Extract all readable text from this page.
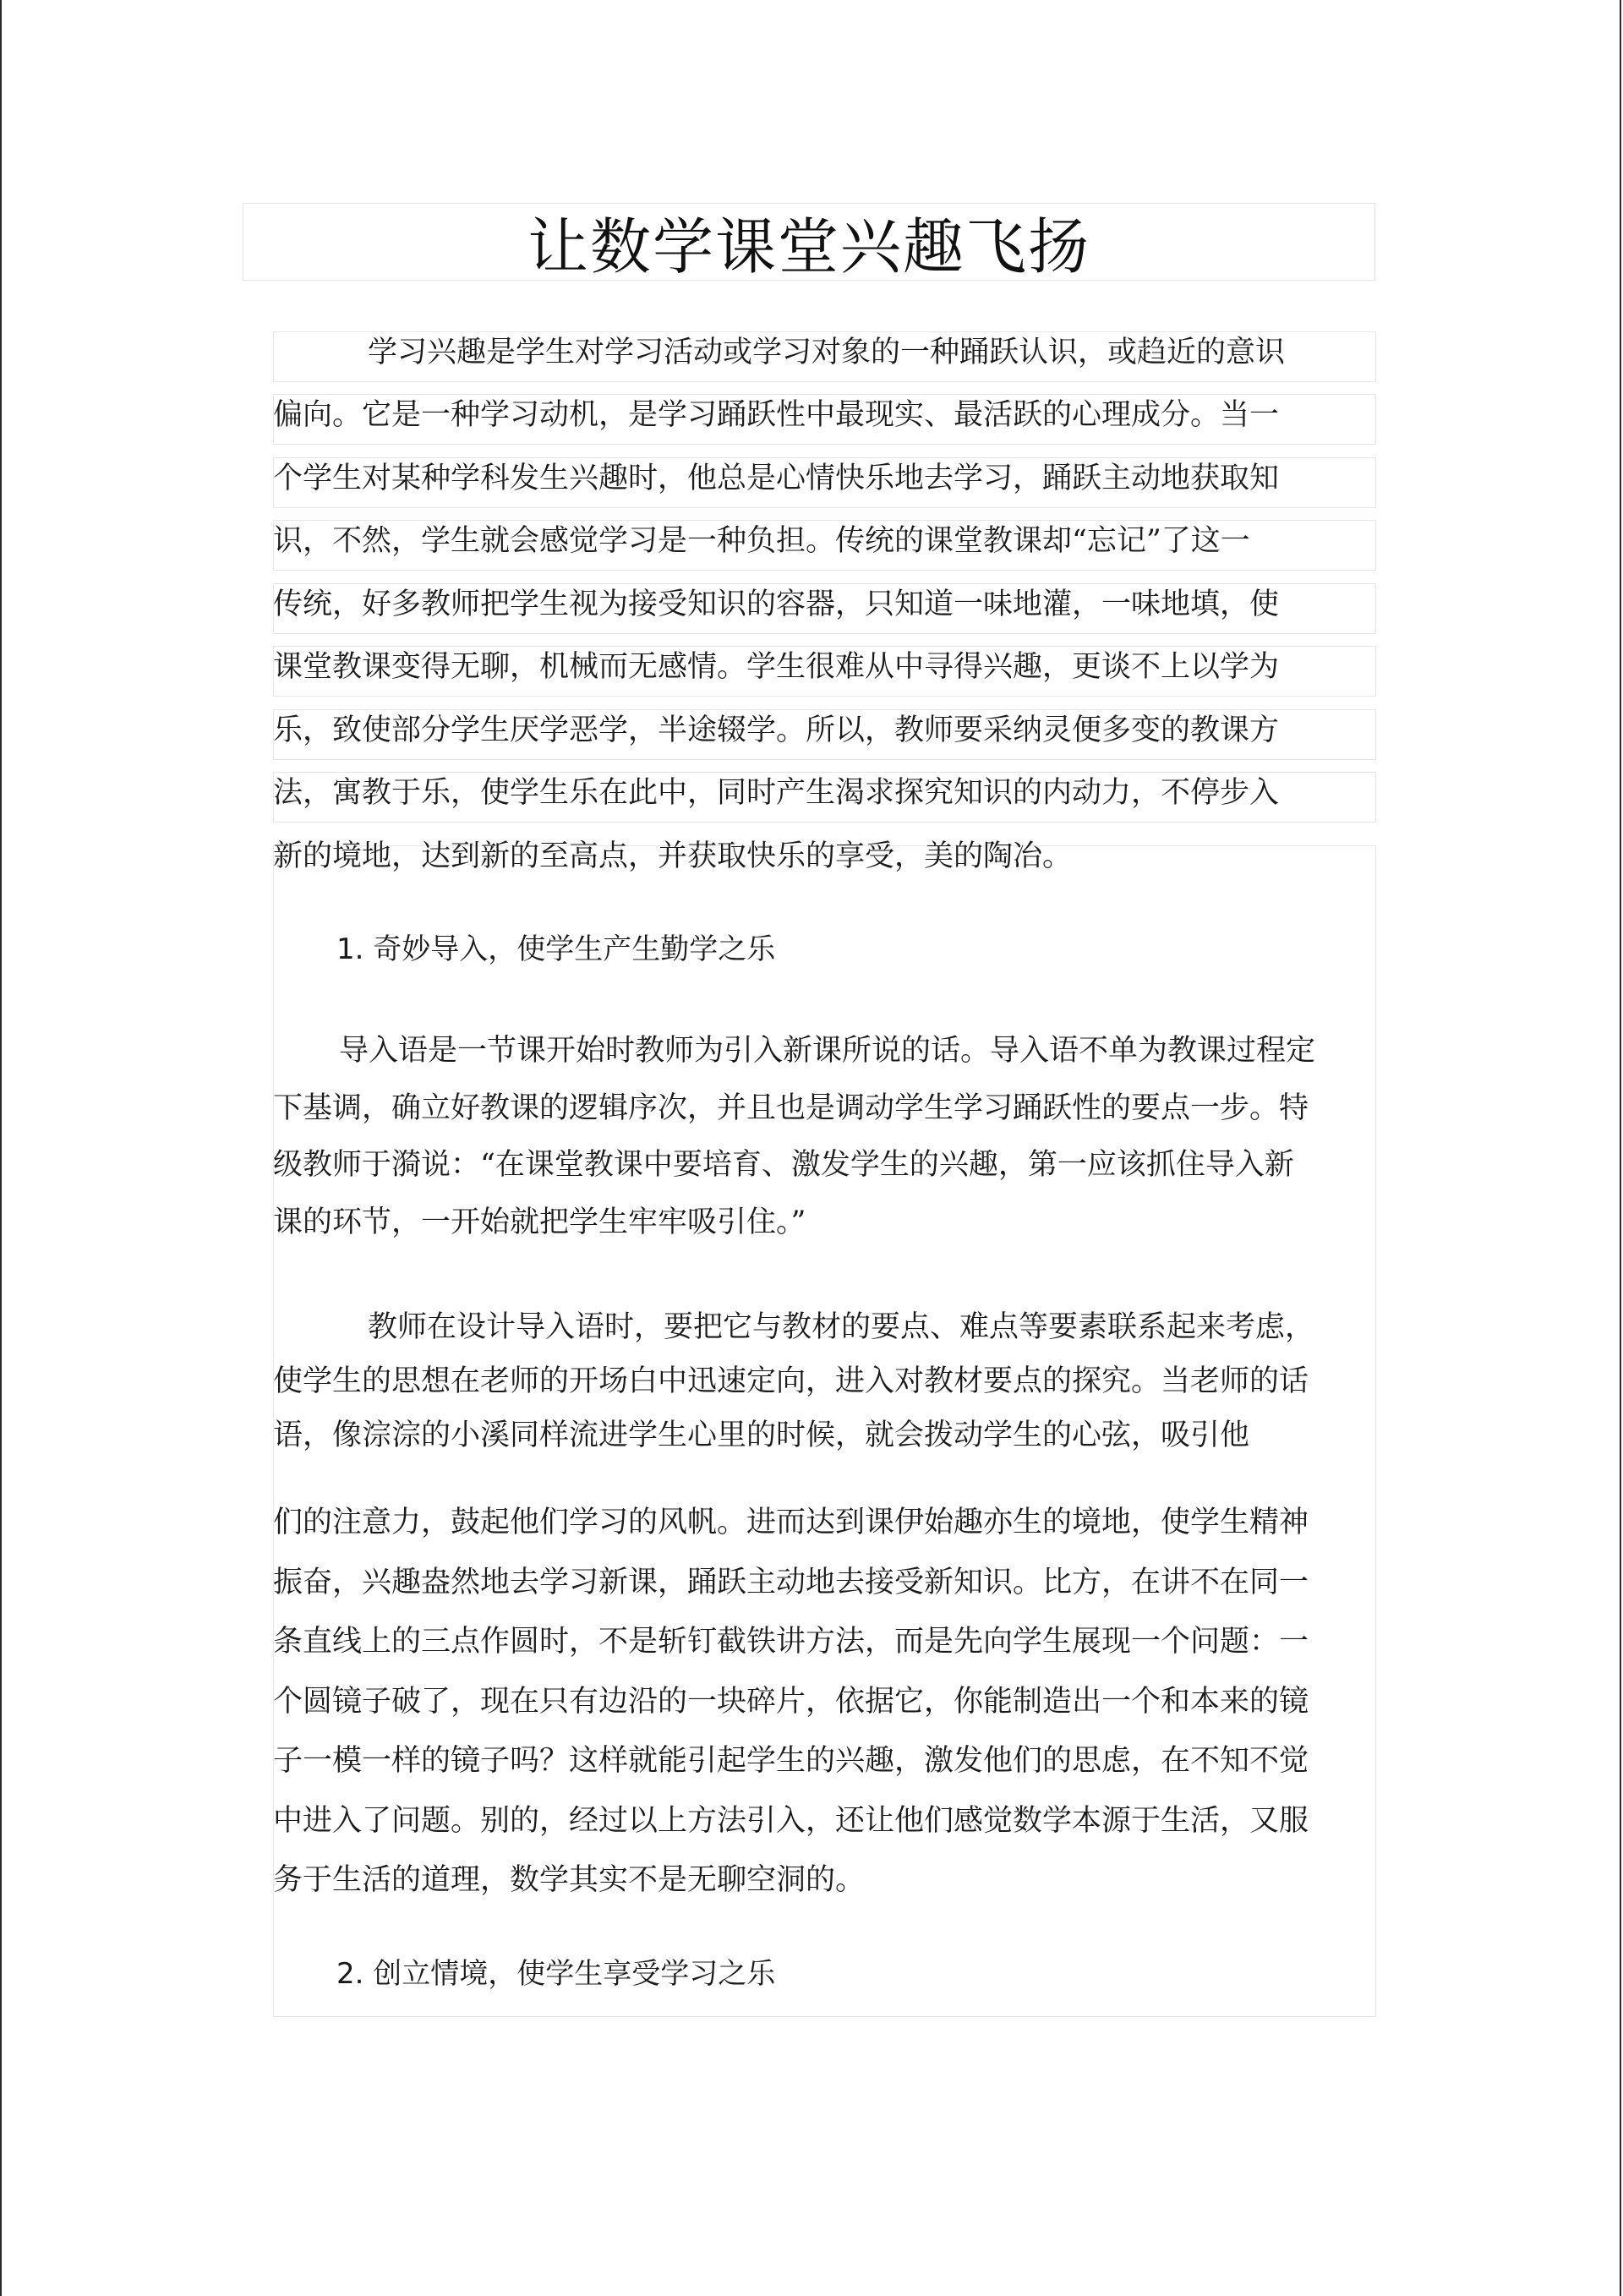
让数学课堂兴趣飞扬
学习兴趣是学生对学习活动或学习对象的一种踊跃认识，或趋近的意识
偏向。它是一种学习动机，是学习踊跃性中最现实、最活跃的心理成分。当一
个学生对某种学科发生兴趣时，他总是心情快乐地去学习，踊跃主动地获取知
识，不然，学生就会感觉学习是一种负担。传统的课堂教课却“忘记”了这一
传统，好多教师把学生视为接受知识的容器，只知道一味地灌，一味地填，使
课堂教课变得无聊，机械而无感情。学生很难从中寻得兴趣，更谈不上以学为
乐，致使部分学生厌学恶学，半途辍学。所以，教师要采纳灵便多变的教课方
法，寓教于乐，使学生乐在此中，同时产生渴求探究知识的内动力，不停步入
新的境地，达到新的至高点，并获取快乐的享受，美的陶冶。
1. 奇妙导入，使学生产生勤学之乐
导入语是一节课开始时教师为引入新课所说的话。导入语不单为教课过程定
下基调，确立好教课的逻辑序次，并且也是调动学生学习踊跃性的要点一步。特
级教师于漪说：“在课堂教课中要培育、激发学生的兴趣，第一应该抓住导入新
课的环节，一开始就把学生牢牢吸引住。”
教师在设计导入语时，要把它与教材的要点、难点等要素联系起来考虑，
使学生的思想在老师的开场白中迅速定向，进入对教材要点的探究。当老师的话
语，像淙淙的小溪同样流进学生心里的时候，就会拨动学生的心弦，吸引他
们的注意力，鼓起他们学习的风帆。进而达到课伊始趣亦生的境地，使学生精神
振奋，兴趣盎然地去学习新课，踊跃主动地去接受新知识。比方，在讲不在同一
条直线上的三点作圆时，不是斩钉截铁讲方法，而是先向学生展现一个问题：一
个圆镜子破了，现在只有边沿的一块碎片，依据它，你能制造出一个和本来的镜
子一模一样的镜子吗？这样就能引起学生的兴趣，激发他们的思虑，在不知不觉
中进入了问题。别的，经过以上方法引入，还让他们感觉数学本源于生活，又服
务于生活的道理，数学其实不是无聊空洞的。
2. 创立情境，使学生享受学习之乐
